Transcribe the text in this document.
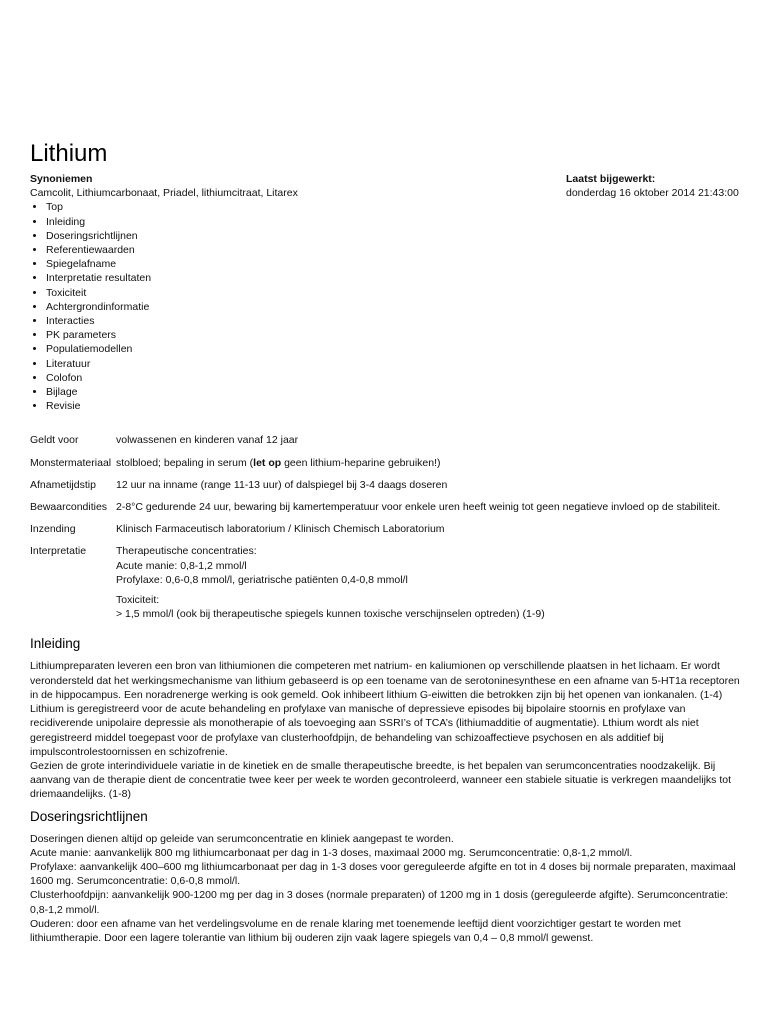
Lithium
Synoniemen
Camcolit, Lithiumcarbonaat, Priadel, lithiumcitraat, Litarex
• Top
• Inleiding
• Doseringsrichtlijnen
• Referentiewaarden
• Spiegelafname
• Interpretatie resultaten
• Toxiciteit
• Achtergrondinformatie
• Interacties
• PK parameters
• Populatiemodellen
• Literatuur
• Colofon
• Bijlage
• Revisie
Laatst bijgewerkt:
donderdag 16 oktober 2014 21:43:00
Geldt voor	volwassenen en kinderen vanaf 12 jaar
Monstermateriaal	stolbloed; bepaling in serum (let op geen lithium-heparine gebruiken!)
Afnametijdstip	12 uur na inname (range 11-13 uur) of dalspiegel bij 3-4 daags doseren
Bewaarcondities	2-8°C gedurende 24 uur, bewaring bij kamertemperatuur voor enkele uren heeft weinig tot geen negatieve invloed op de stabiliteit.
Inzending	Klinisch Farmaceutisch laboratorium / Klinisch Chemisch Laboratorium
Interpretatie	Therapeutische concentraties:
Acute manie: 0,8-1,2 mmol/l
Profylaxe: 0,6-0,8 mmol/l, geriatrische patiënten 0,4-0,8 mmol/l
Toxiciteit:
> 1,5 mmol/l (ook bij therapeutische spiegels kunnen toxische verschijnselen optreden) (1-9)
Inleiding

Lithiumpreparaten leveren een bron van lithiumionen die competeren met natrium- en kaliumionen op verschillende plaatsen in het lichaam. Er wordt verondersteld dat het werkingsmechanisme van lithium gebaseerd is op een toename van de serotoninesynthese en een afname van 5-HT1a receptoren in de hippocampus. Een noradrenerge werking is ook gemeld. Ook inhibeert lithium G-eiwitten die betrokken zijn bij het openen van ionkanalen. (1-4)

Lithium is geregistreerd voor de acute behandeling en profylaxe van manische of depressieve episodes bij bipolaire stoornis en profylaxe van recidiverende unipolaire depressie als monotherapie of als toevoeging aan SSRI’s of TCA’s (lithiumadditie of augmentatie). Lthium wordt als niet geregistreerd middel toegepast voor de profylaxe van clusterhoofdpijn, de behandeling van schizoaffectieve psychosen en als additief bij impulscontrolestoornissen en schizofrenie.

Gezien de grote interindividuele variatie in de kinetiek en de smalle therapeutische breedte, is het bepalen van serumconcentraties noodzakelijk. Bij aanvang van de therapie dient de concentratie twee keer per week te worden gecontroleerd, wanneer een stabiele situatie is verkregen maandelijks tot driemaandelijks. (1-8)

Doseringsrichtlijnen

Doseringen dienen altijd op geleide van serumconcentratie en kliniek aangepast te worden.

Acute manie: aanvankelijk 800 mg lithiumcarbonaat per dag in 1-3 doses, maximaal 2000 mg. Serumconcentratie: 0,8-1,2 mmol/l.

Profylaxe: aanvankelijk 400–600 mg lithiumcarbonaat per dag in 1-3 doses voor gereguleerde afgifte en tot in 4 doses bij normale preparaten, maximaal 1600 mg. Serumconcentratie: 0,6-0,8 mmol/l.

Clusterhoofdpijn: aanvankelijk 900-1200 mg per dag in 3 doses (normale preparaten) of 1200 mg in 1 dosis (gereguleerde afgifte). Serumconcentratie: 0,8-1,2 mmol/l.

Ouderen: door een afname van het verdelingsvolume en de renale klaring met toenemende leeftijd dient voorzichtiger gestart te worden met lithiumtherapie. Door een lagere tolerantie van lithium bij ouderen zijn vaak lagere spiegels van 0,4 – 0,8 mmol/l gewenst.
